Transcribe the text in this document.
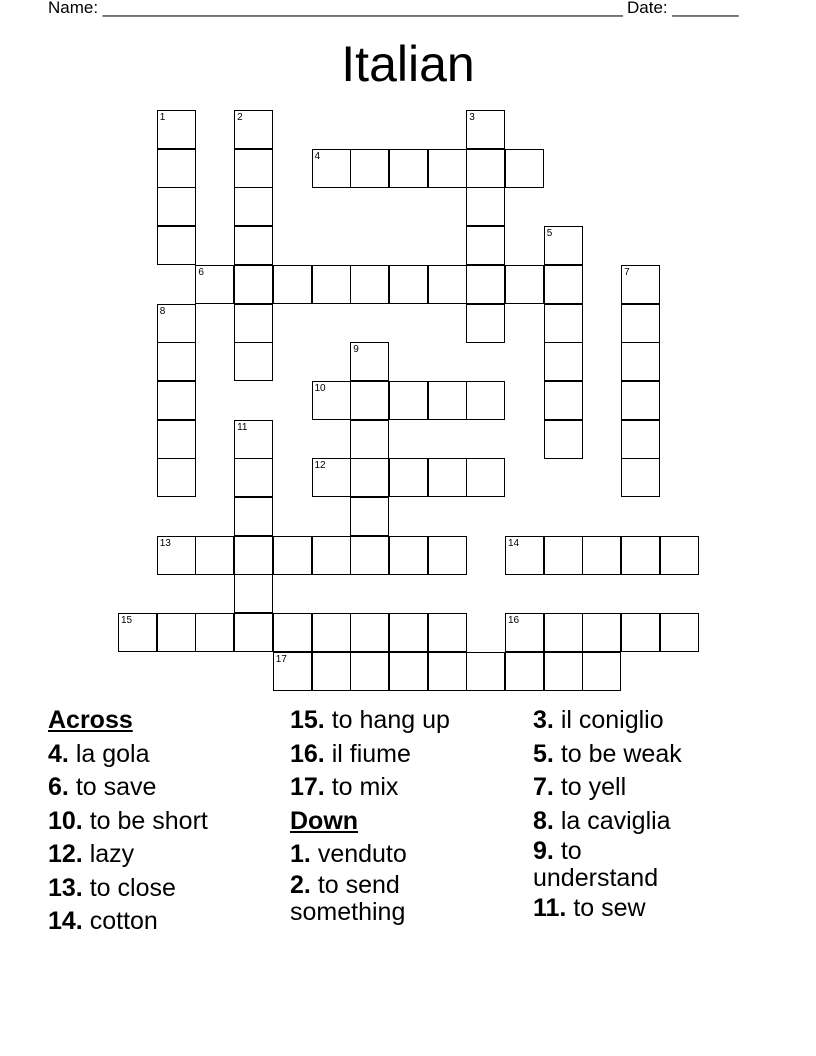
Name: _______________________________________________________ Date: _______
Italian
1	2	3
4
5
6	7
8
9
10
11
12
13	14
15	16
17
Across
4. la gola
6. to save
10. to be short
12. lazy
13. to close
14. cotton
15. to hang up
16. il fiume
17. to mix
Down
1. venduto
2. to send
something
3. il coniglio
5. to be weak
7. to yell
8. la caviglia
9. to
understand
11. to sew
